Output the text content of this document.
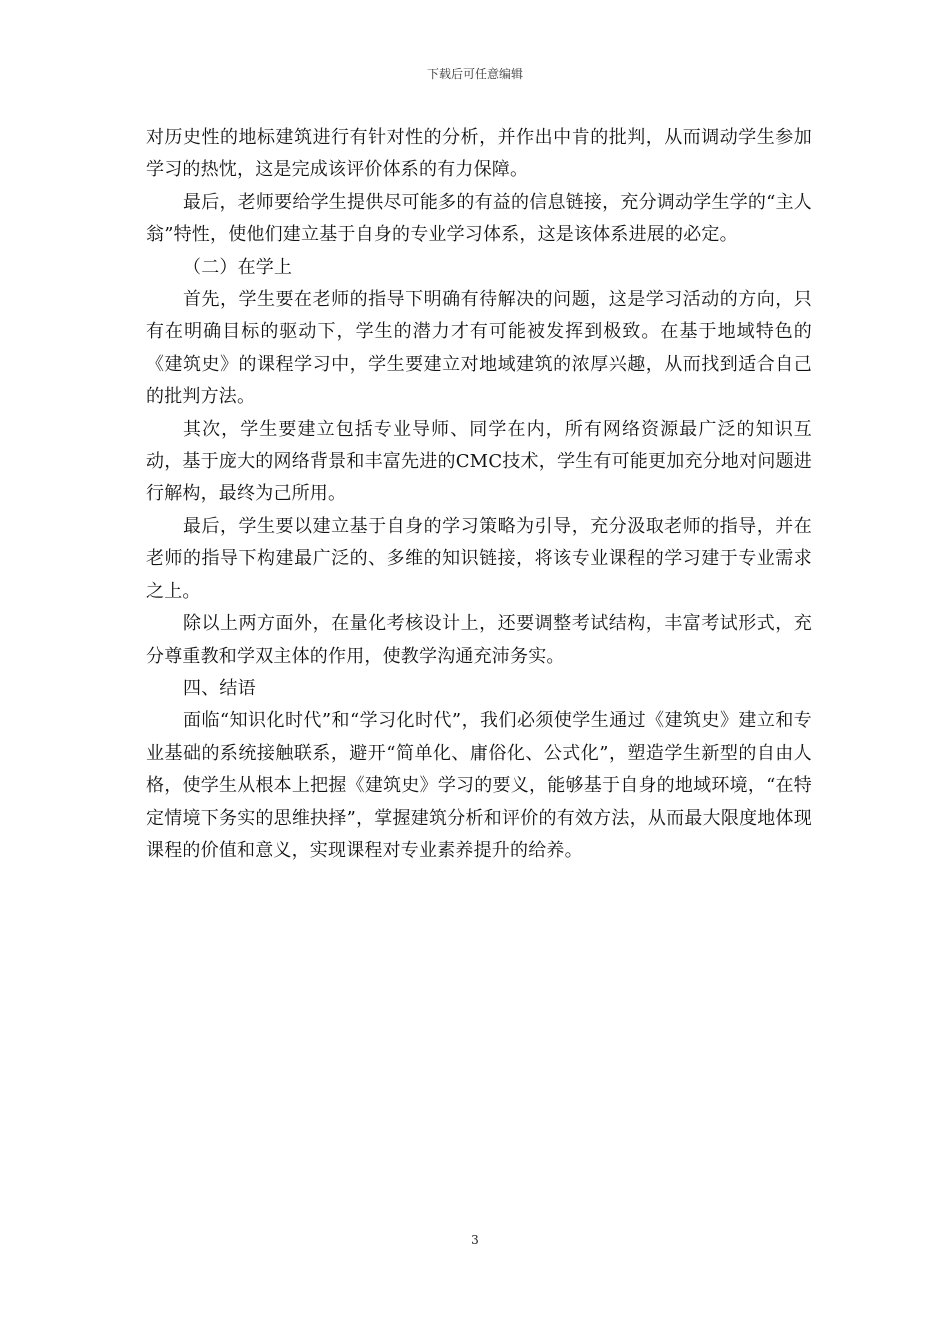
下载后可任意编辑

对历史性的地标建筑进行有针对性的分析，并作出中肯的批判，从而调动学生参加学习的热忱，这是完成该评价体系的有力保障。

最后，老师要给学生提供尽可能多的有益的信息链接，充分调动学生学的“主人翁”特性，使他们建立基于自身的专业学习体系，这是该体系进展的必定。

（二）在学上

首先，学生要在老师的指导下明确有待解决的问题，这是学习活动的方向，只有在明确目标的驱动下，学生的潜力才有可能被发挥到极致。在基于地域特色的《建筑史》的课程学习中，学生要建立对地域建筑的浓厚兴趣，从而找到适合自己的批判方法。

其次，学生要建立包括专业导师、同学在内，所有网络资源最广泛的知识互动，基于庞大的网络背景和丰富先进的CMC技术，学生有可能更加充分地对问题进行解构，最终为己所用。

最后，学生要以建立基于自身的学习策略为引导，充分汲取老师的指导，并在老师的指导下构建最广泛的、多维的知识链接，将该专业课程的学习建于专业需求之上。

除以上两方面外，在量化考核设计上，还要调整考试结构，丰富考试形式，充分尊重教和学双主体的作用，使教学沟通充沛务实。

四、结语

面临“知识化时代”和“学习化时代”，我们必须使学生通过《建筑史》建立和专业基础的系统接触联系，避开“简单化、庸俗化、公式化”，塑造学生新型的自由人格，使学生从根本上把握《建筑史》学习的要义，能够基于自身的地域环境，“在特定情境下务实的思维抉择”，掌握建筑分析和评价的有效方法，从而最大限度地体现课程的价值和意义，实现课程对专业素养提升的给养。

3
